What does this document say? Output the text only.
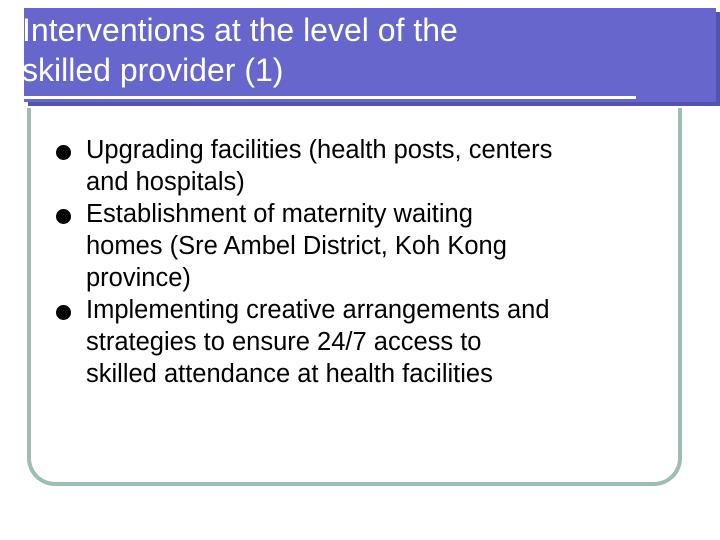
Interventions at the level of the
skilled provider (1)
Upgrading facilities (health posts, centers
and hospitals)
Establishment of maternity waiting
homes (Sre Ambel District, Koh Kong
province)
Implementing creative arrangements and
strategies to ensure 24/7 access to
skilled attendance at health facilities
